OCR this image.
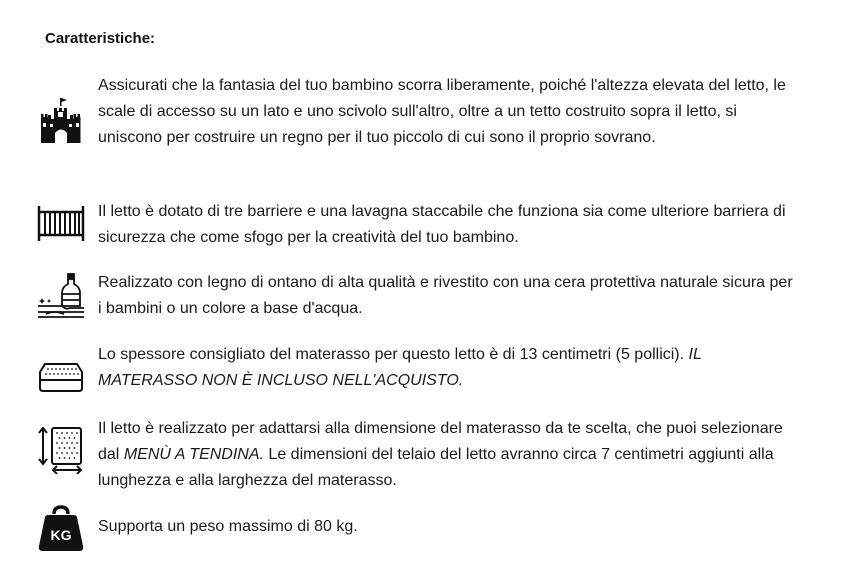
Caratteristiche:

Assicurati che la fantasia del tuo bambino scorra liberamente, poiché l'altezza elevata del letto, le scale di accesso su un lato e uno scivolo sull'altro, oltre a un tetto costruito sopra il letto, si uniscono per costruire un regno per il tuo piccolo di cui sono il proprio sovrano.

Il letto è dotato di tre barriere e una lavagna staccabile che funziona sia come ulteriore barriera di sicurezza che come sfogo per la creatività del tuo bambino.

Realizzato con legno di ontano di alta qualità e rivestito con una cera protettiva naturale sicura per i bambini o un colore a base d'acqua.

Lo spessore consigliato del materasso per questo letto è di 13 centimetri (5 pollici). IL MATERASSO NON È INCLUSO NELL'ACQUISTO.

Il letto è realizzato per adattarsi alla dimensione del materasso da te scelta, che puoi selezionare dal MENÙ A TENDINA. Le dimensioni del telaio del letto avranno circa 7 centimetri aggiunti alla lunghezza e alla larghezza del materasso.

KG Supporta un peso massimo di 80 kg.
